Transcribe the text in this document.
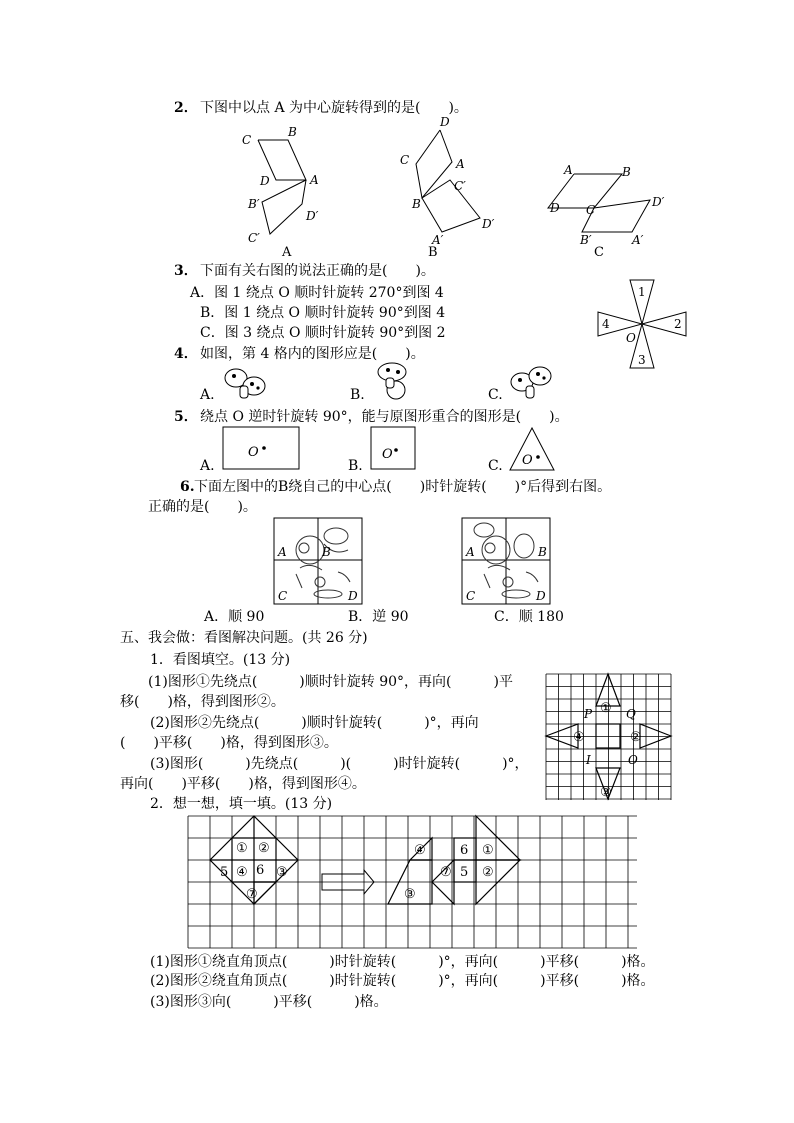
2． 下图中以点 A 为中心旋转得到的是(　　)。
C
B
D	A
B′
D′
C′
A
D
C	A
C′
B
A′
D′
B
A	B
D C
D′
B′	A′
C
3． 下面有关右图的说法正确的是(　　)。
A．图 1 绕点 O 顺时针旋转 270°到图 4
B．图 1 绕点 O 顺时针旋转 90°到图 4
C．图 3 绕点 O 顺时针旋转 90°到图 2
1
2
3
4
O
4． 如图，第 4 格内的图形应是(　　)。
A.	B.	C.
5． 绕点 O 逆时针旋转 90°，能与原图形重合的图形是(　　)。
A.
O
B.
O
C. O
6. 下面左图中的B绕自己的中心点(　　)时针旋转(　　)°后得到右图。
正确的是(　　)。
A	B
C	D
A	B
C	D
A．顺 90	B．逆 90	C．顺 180
五、我会做：看图解决问题。(共 26 分)
1．看图填空。(13 分)
(1)图形①先绕点(　　　)顺时针旋转 90°，再向(　　　)平
移(　　)格，得到图形②。
(2)图形②先绕点(　　　)顺时针旋转(　　　)°，再向
(　　)平移(　　)格，得到图形③。
(3)图形(　　　)先绕点(　　　)(　　　)时针旋转(　　　)°，
再向(　　)平移(　　)格，得到图形④。
①
②
③
④
P	Q
I	O
2．想一想，填一填。(13 分)
① ②
③
④
5 6
⑦
④
③
⑦
6
5
①
②
(1)图形①绕直角顶点(　　　)时针旋转(　　　)°，再向(　　　)平移(　　　)格。
(2)图形②绕直角顶点(　　　)时针旋转(　　　)°，再向(　　　)平移(　　　)格。
(3)图形③向(　　　)平移(　　　)格。
